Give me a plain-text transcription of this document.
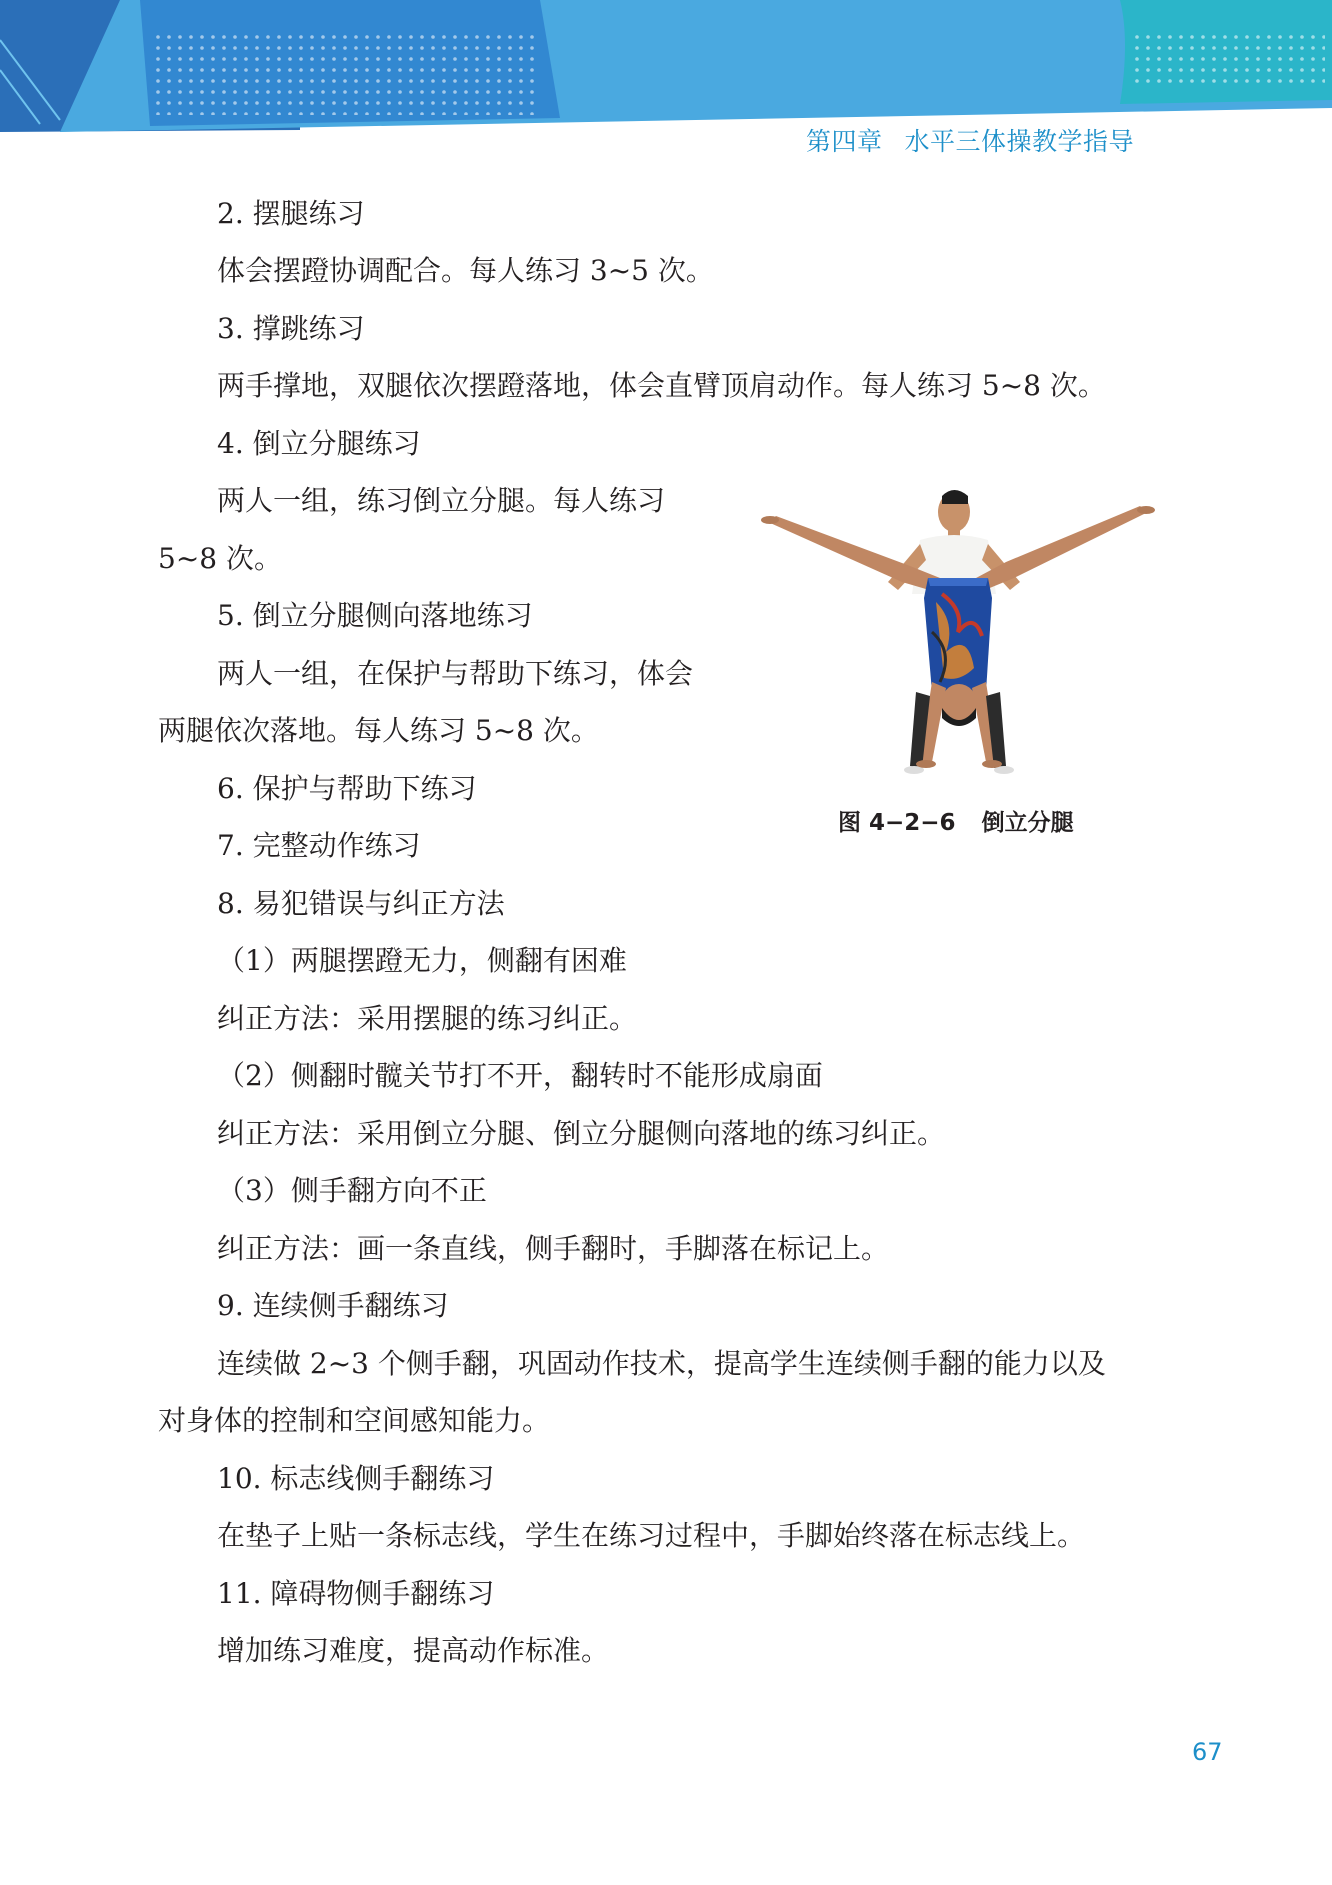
第四章 水平三体操教学指导
2. 摆腿练习
体会摆蹬协调配合。每人练习 3~5 次。
3. 撑跳练习
两手撑地，双腿依次摆蹬落地，体会直臂顶肩动作。每人练习 5~8 次。
4. 倒立分腿练习
两人一组，练习倒立分腿。每人练习
5~8 次。
5. 倒立分腿侧向落地练习
两人一组，在保护与帮助下练习，体会
两腿依次落地。每人练习 5~8 次。
6. 保护与帮助下练习
7. 完整动作练习
8. 易犯错误与纠正方法
（1）两腿摆蹬无力，侧翻有困难
纠正方法：采用摆腿的练习纠正。
（2）侧翻时髋关节打不开，翻转时不能形成扇面
纠正方法：采用倒立分腿、倒立分腿侧向落地的练习纠正。
（3）侧手翻方向不正
纠正方法：画一条直线，侧手翻时，手脚落在标记上。
9. 连续侧手翻练习
连续做 2~3 个侧手翻，巩固动作技术，提高学生连续侧手翻的能力以及
对身体的控制和空间感知能力。
10. 标志线侧手翻练习
在垫子上贴一条标志线，学生在练习过程中，手脚始终落在标志线上。
11. 障碍物侧手翻练习
增加练习难度，提高动作标准。
图 4−2−6 倒立分腿
67
